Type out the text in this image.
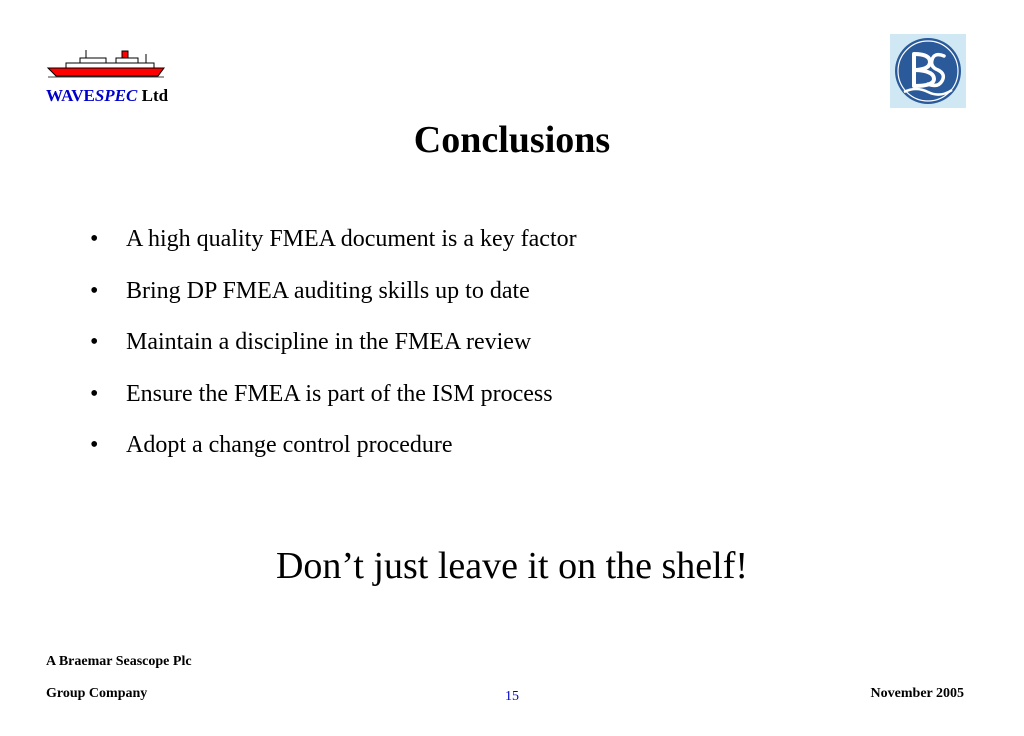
WAVESPEC Ltd
Conclusions
• A high quality FMEA document is a key factor
• Bring DP FMEA auditing skills up to date
• Maintain a discipline in the FMEA review
• Ensure the FMEA is part of the ISM process
• Adopt a change control procedure
Don’t just leave it on the shelf!
A Braemar Seascope Plc
Group Company	15	November 2005
